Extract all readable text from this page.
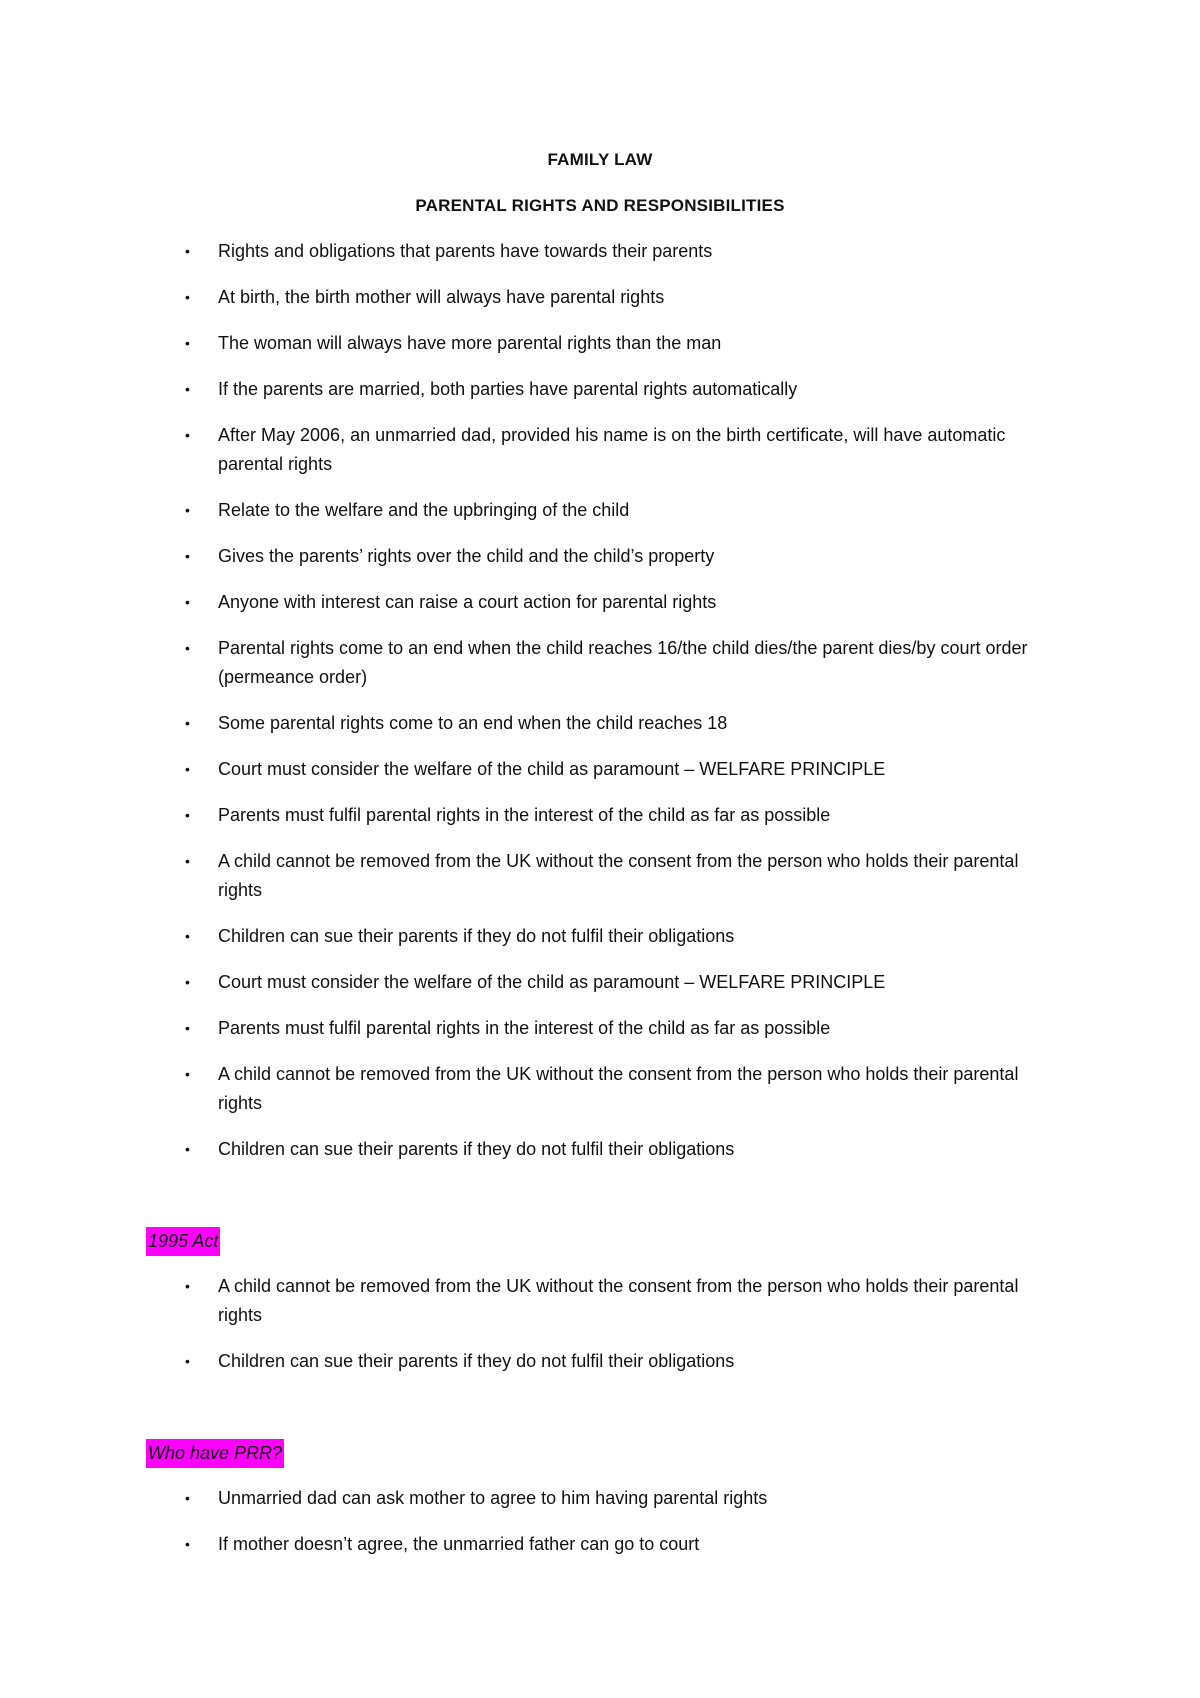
FAMILY LAW
PARENTAL RIGHTS AND RESPONSIBILITIES
• Rights and obligations that parents have towards their parents
• At birth, the birth mother will always have parental rights
• The woman will always have more parental rights than the man
• If the parents are married, both parties have parental rights automatically
• After May 2006, an unmarried dad, provided his name is on the birth certificate, will have automatic parental rights
• Relate to the welfare and the upbringing of the child
• Gives the parents’ rights over the child and the child’s property
• Anyone with interest can raise a court action for parental rights
• Parental rights come to an end when the child reaches 16/the child dies/the parent dies/by court order (permeance order)
• Some parental rights come to an end when the child reaches 18
• Court must consider the welfare of the child as paramount – WELFARE PRINCIPLE
• Parents must fulfil parental rights in the interest of the child as far as possible
• A child cannot be removed from the UK without the consent from the person who holds their parental rights
• Children can sue their parents if they do not fulfil their obligations
• Court must consider the welfare of the child as paramount – WELFARE PRINCIPLE
• Parents must fulfil parental rights in the interest of the child as far as possible
• A child cannot be removed from the UK without the consent from the person who holds their parental rights
• Children can sue their parents if they do not fulfil their obligations
1995 Act
• A child cannot be removed from the UK without the consent from the person who holds their parental rights
• Children can sue their parents if they do not fulfil their obligations
Who have PRR?
• Unmarried dad can ask mother to agree to him having parental rights
• If mother doesn’t agree, the unmarried father can go to court
